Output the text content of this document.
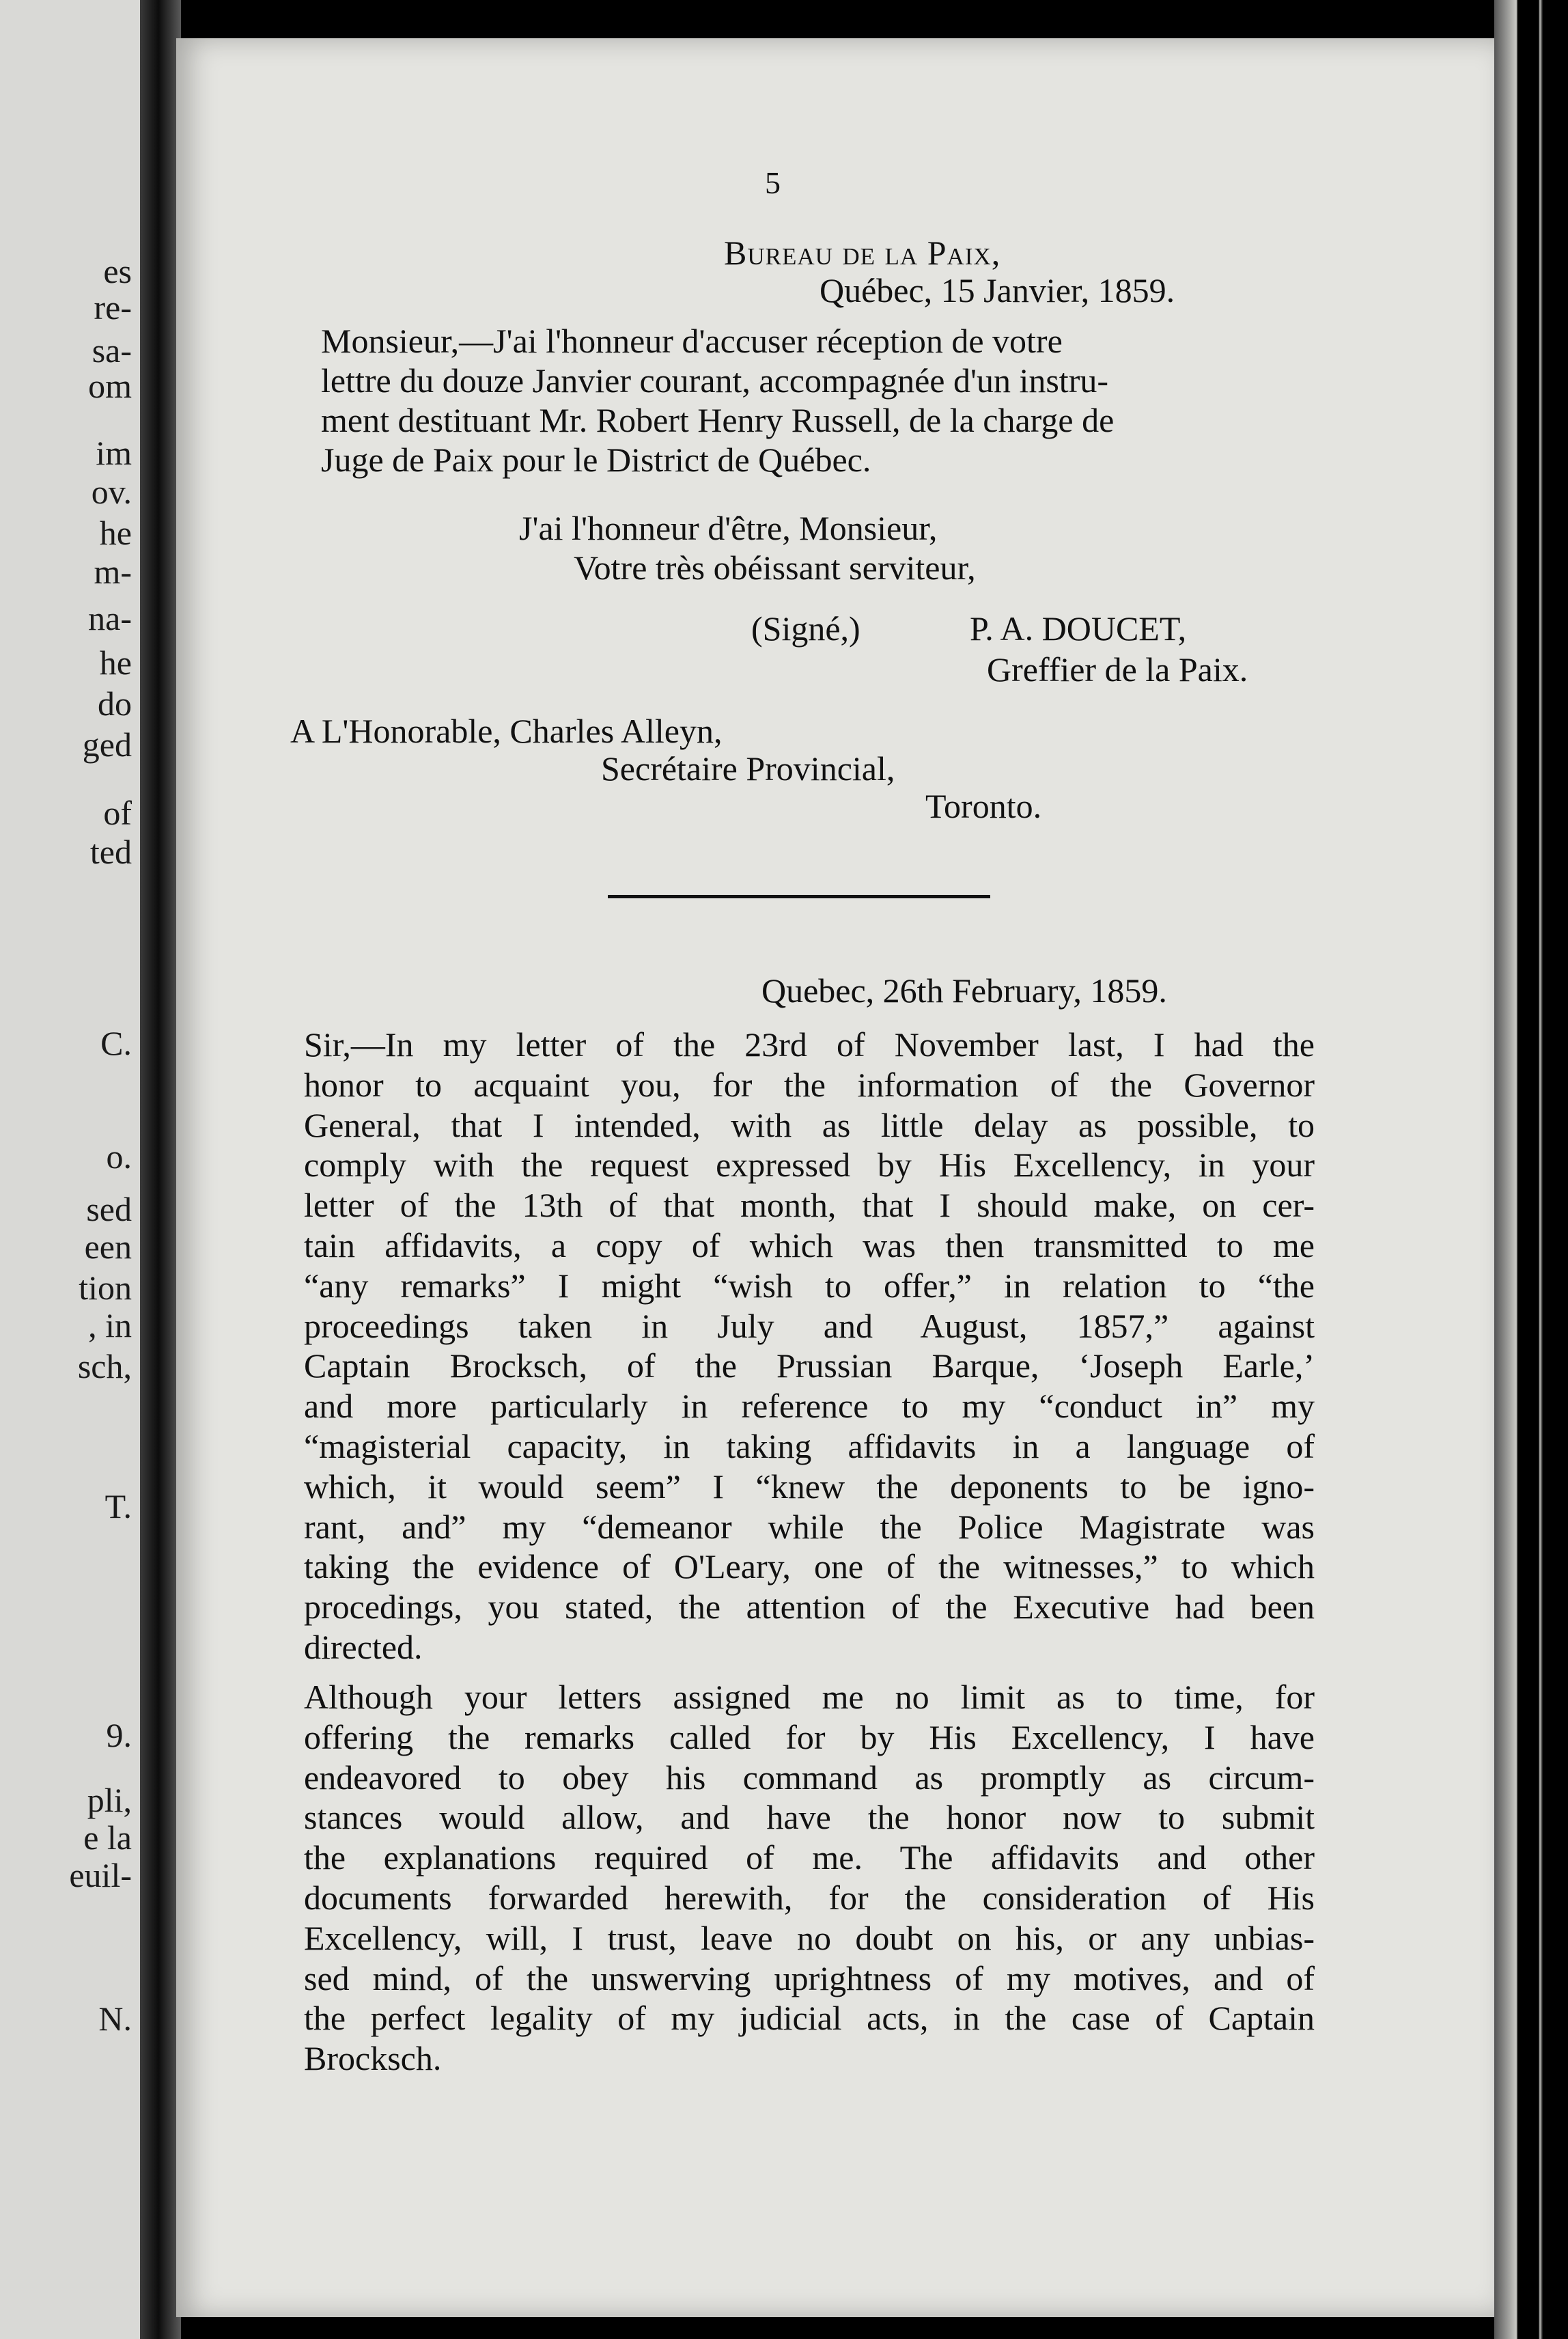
es
re-
sa-
om
im
ov.
he
m-
na-
he
do
ged
of
ted
C.
o.
sed
een
tion
, in
sch,
T.
9.
pli,
e la
euil-
N.
5
Bureau de la Paix,
Québec, 15 Janvier, 1859.
Monsieur,—J'ai l'honneur d'accuser réception de votre
lettre du douze Janvier courant, accompagnée d'un instru-
ment destituant Mr. Robert Henry Russell, de la charge de
Juge de Paix pour le District de Québec.
J'ai l'honneur d'être, Monsieur,
Votre très obéissant serviteur,
(Signé,)	P. A. DOUCET,
Greffier de la Paix.
A L'Honorable, Charles Alleyn,
Secrétaire Provincial,
Toronto.
Quebec, 26th February, 1859.
Sir,—In my letter of the 23rd of November last, I had the
honor to acquaint you, for the information of the Governor
General, that I intended, with as little delay as possible, to
comply with the request expressed by His Excellency, in your
letter of the 13th of that month, that I should make, on cer-
tain affidavits, a copy of which was then transmitted to me
“any remarks” I might “wish to offer,” in relation to “the
proceedings taken in July and August, 1857,” against
Captain Brocksch, of the Prussian Barque, ‘Joseph Earle,’
and more particularly in reference to my “conduct in” my
“magisterial capacity, in taking affidavits in a language of
which, it would seem” I “knew the deponents to be igno-
rant, and” my “demeanor while the Police Magistrate was
taking the evidence of O'Leary, one of the witnesses,” to which
procedings, you stated, the attention of the Executive had been
directed.
Although your letters assigned me no limit as to time, for
offering the remarks called for by His Excellency, I have
endeavored to obey his command as promptly as circum-
stances would allow, and have the honor now to submit
the explanations required of me. The affidavits and other
documents forwarded herewith, for the consideration of His
Excellency, will, I trust, leave no doubt on his, or any unbias-
sed mind, of the unswerving uprightness of my motives, and of
the perfect legality of my judicial acts, in the case of Captain
Brocksch.
